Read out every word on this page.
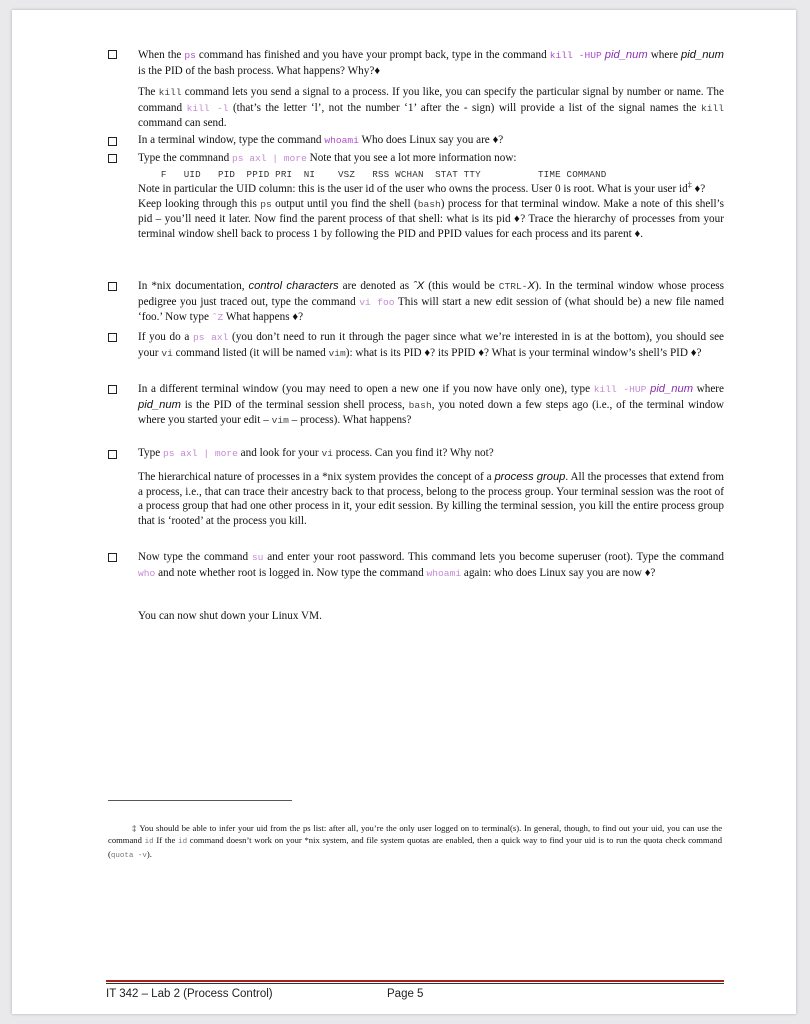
When the ps command has finished and you have your prompt back, type in the command kill -HUP pid_num where pid_num is the PID of the bash process. What happens? Why?♦
The kill command lets you send a signal to a process. If you like, you can specify the particular signal by number or name. The command kill -l (that’s the letter ‘l’, not the number ‘1’ after the - sign) will provide a list of the signal names the kill command can send.
In a terminal window, type the command whoami Who does Linux say you are ♦?
Type the commnand ps axl | more Note that you see a lot more information now:
F   UID   PID  PPID PRI  NI    VSZ   RSS WCHAN  STAT TTY          TIME COMMAND
Note in particular the UID column: this is the user id of the user who owns the process. User 0 is root. What is your user id‡ ♦?
Keep looking through this ps output until you find the shell (bash) process for that terminal window. Make a note of this shell’s pid – you’ll need it later. Now find the parent process of that shell: what is its pid ♦? Trace the hierarchy of processes from your terminal window shell back to process 1 by following the PID and PPID values for each process and its parent ♦.
In *nix documentation, control characters are denoted as ˆX (this would be CTRL-X). In the terminal window whose process pedigree you just traced out, type the command vi foo This will start a new edit session of (what should be) a new file named ‘foo.’ Now type ˆZ What happens ♦?
If you do a ps axl (you don’t need to run it through the pager since what we’re interested in is at the bottom), you should see your vi command listed (it will be named vim): what is its PID ♦? its PPID ♦? What is your terminal window’s shell’s PID ♦?
In a different terminal window (you may need to open a new one if you now have only one), type kill -HUP pid_num where pid_num is the PID of the terminal session shell process, bash, you noted down a few steps ago (i.e., of the terminal window where you started your edit – vim – process). What happens?
Type ps axl | more and look for your vi process. Can you find it? Why not?
The hierarchical nature of processes in a *nix system provides the concept of a process group. All the processes that extend from a process, i.e., that can trace their ancestry back to that process, belong to the process group. Your terminal session was the root of a process group that had one other process in it, your edit session. By killing the terminal session, you kill the entire process group that is ‘rooted’ at the process you kill.
Now type the command su and enter your root password. This command lets you become superuser (root). Type the command who and note whether root is logged in. Now type the command whoami again: who does Linux say you are now ♦?
You can now shut down your Linux VM.
‡ You should be able to infer your uid from the ps list: after all, you’re the only user logged on to terminal(s). In general, though, to find out your uid, you can use the command id If the id command doesn’t work on your *nix system, and file system quotas are enabled, then a quick way to find your uid is to run the quota check command (quota -v).
IT 342 – Lab 2 (Process Control)	Page 5
